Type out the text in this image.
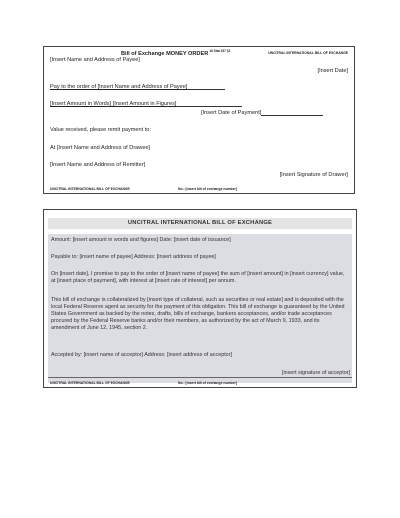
Bill of Exchange MONEY $ORDER^{16 Stat 237 \S 2}$	UNCITRAL INTERNATIONAL BILL OF EXCHANGE
[Insert Name and Address of Payee]
[Insert Date]
Pay to the order of [Insert Name and Address of Payee]
[Insert Amount in Words] [Insert Amount in Figures]
[Insert Date of Payment]
Value received, please remit payment to:
At [Insert Name and Address of Drawee]
[Insert Name and Address of Remitter]
[Insert Signature of Drawer]
UNCITRAL INTERNATIONAL BILL OF EXCHANGE	No.: [insert bill of exchange number]
UNCITRAL INTERNATIONAL BILL OF EXCHANGE
Amount: [insert amount in words and figures] Date: [insert date of issuance]
Payable to: [insert name of payee] Address: [insert address of payee]
On [insert date], I promise to pay to the order of [insert name of payee] the sum of [insert amount] in [insert currency] value, at [insert place of payment], with interest at [insert rate of interest] per annum.
This bill of exchange is collateralized by [insert type of collateral, such as securities or real estate] and is deposited with the local Federal Reserve agent as security for the payment of this obligation. This bill of exchange is guaranteed by the United States Government as backed by the notes, drafts, bills of exchange, bankers acceptances, and/or trade acceptances procured by the Federal Reserve banks and/or their members, as authorized by the act of March 9, 1933, and its amendment of June 12, 1945, section 2.
Accepted by: [insert name of acceptor] Address: [insert address of acceptor]
[insert signature of acceptor]
UNCITRAL INTERNATIONAL BILL OF EXCHANGE	No.: [insert bill of exchange number]
